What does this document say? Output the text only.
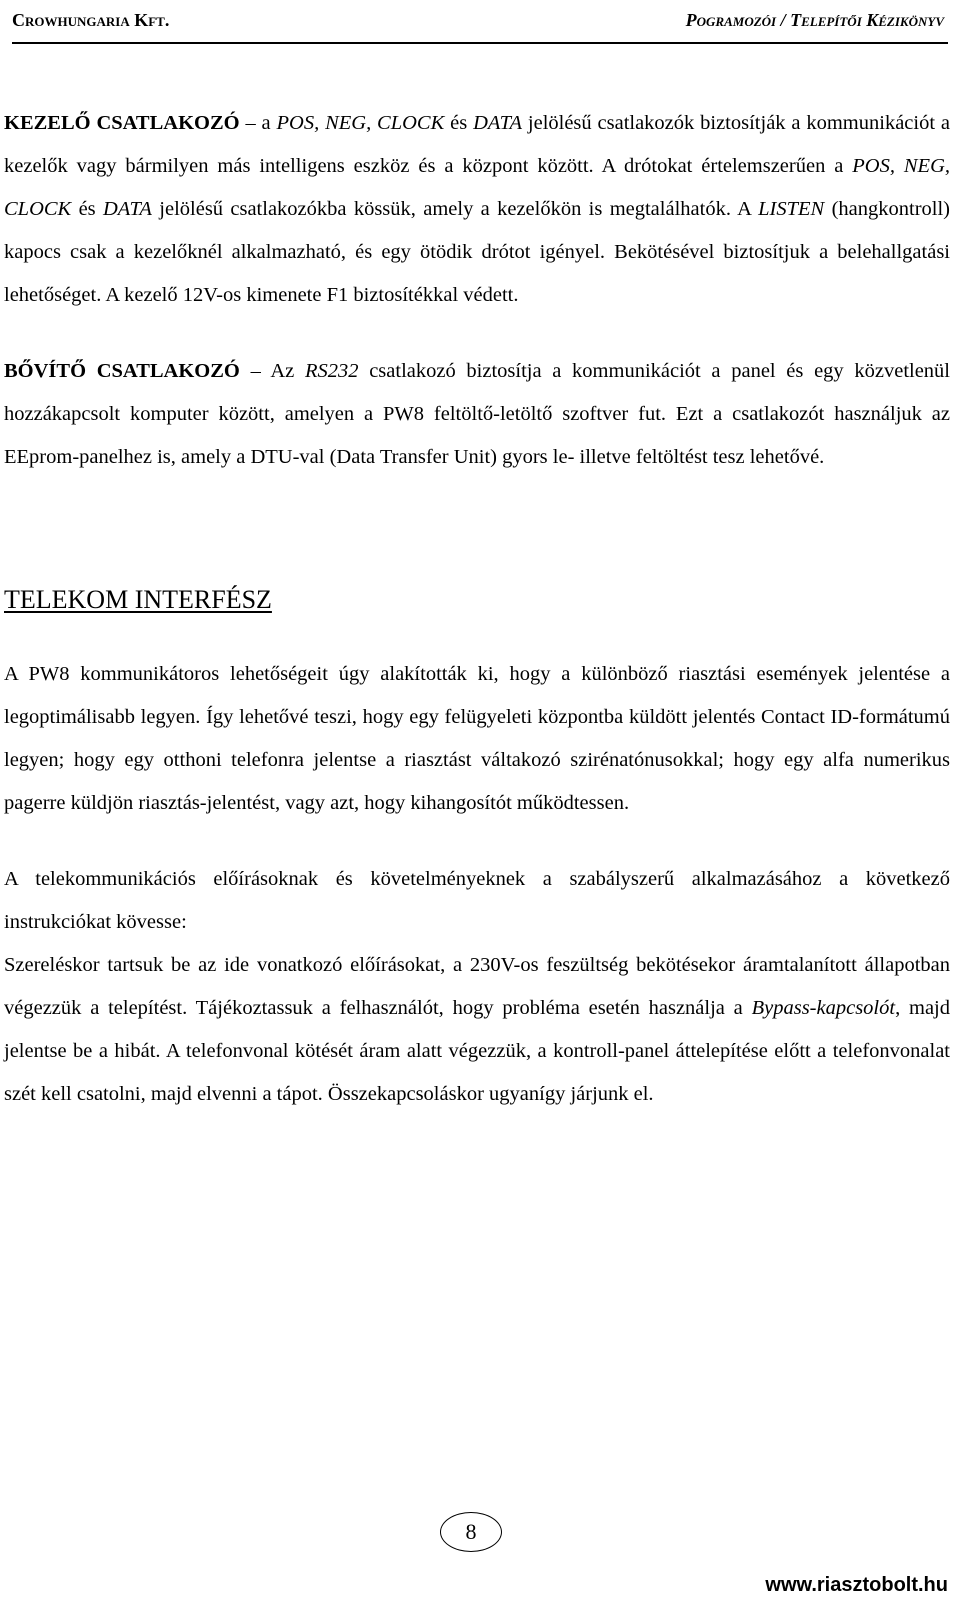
Crowhungaria Kft.	Pogramozói / Telepítői Kézikönyv

KEZELŐ CSATLAKOZÓ – a POS, NEG, CLOCK és DATA jelölésű csatlakozók biztosítják a kommunikációt a kezelők vagy bármilyen más intelligens eszköz és a központ között. A drótokat értelemszerűen a POS, NEG, CLOCK és DATA jelölésű csatlakozókba kössük, amely a kezelőkön is megtalálhatók. A LISTEN (hangkontroll) kapocs csak a kezelőknél alkalmazható, és egy ötödik drótot igényel. Bekötésével biztosítjuk a belehallgatási lehetőséget. A kezelő 12V-os kimenete F1 biztosítékkal védett.

BŐVÍTŐ CSATLAKOZÓ – Az RS232 csatlakozó biztosítja a kommunikációt a panel és egy közvetlenül hozzákapcsolt komputer között, amelyen a PW8 feltöltő-letöltő szoftver fut. Ezt a csatlakozót használjuk az EEprom-panelhez is, amely a DTU-val (Data Transfer Unit) gyors le- illetve feltöltést tesz lehetővé.

TELEKOM INTERFÉSZ

A PW8 kommunikátoros lehetőségeit úgy alakították ki, hogy a különböző riasztási események jelentése a legoptimálisabb legyen. Így lehetővé teszi, hogy egy felügyeleti központba küldött jelentés Contact ID-formátumú legyen; hogy egy otthoni telefonra jelentse a riasztást váltakozó szirénatónusokkal; hogy egy alfa numerikus pagerre küldjön riasztás-jelentést, vagy azt, hogy kihangosítót működtessen.

A telekommunikációs előírásoknak és követelményeknek a szabályszerű alkalmazásához a következő instrukciókat kövesse:

Szereléskor tartsuk be az ide vonatkozó előírásokat, a 230V-os feszültség bekötésekor áramtalanított állapotban végezzük a telepítést. Tájékoztassuk a felhasználót, hogy probléma esetén használja a Bypass-kapcsolót, majd jelentse be a hibát. A telefonvonal kötését áram alatt végezzük, a kontroll-panel áttelepítése előtt a telefonvonalat szét kell csatolni, majd elvenni a tápot. Összekapcsoláskor ugyanígy járjunk el.

8
www.riasztobolt.hu
